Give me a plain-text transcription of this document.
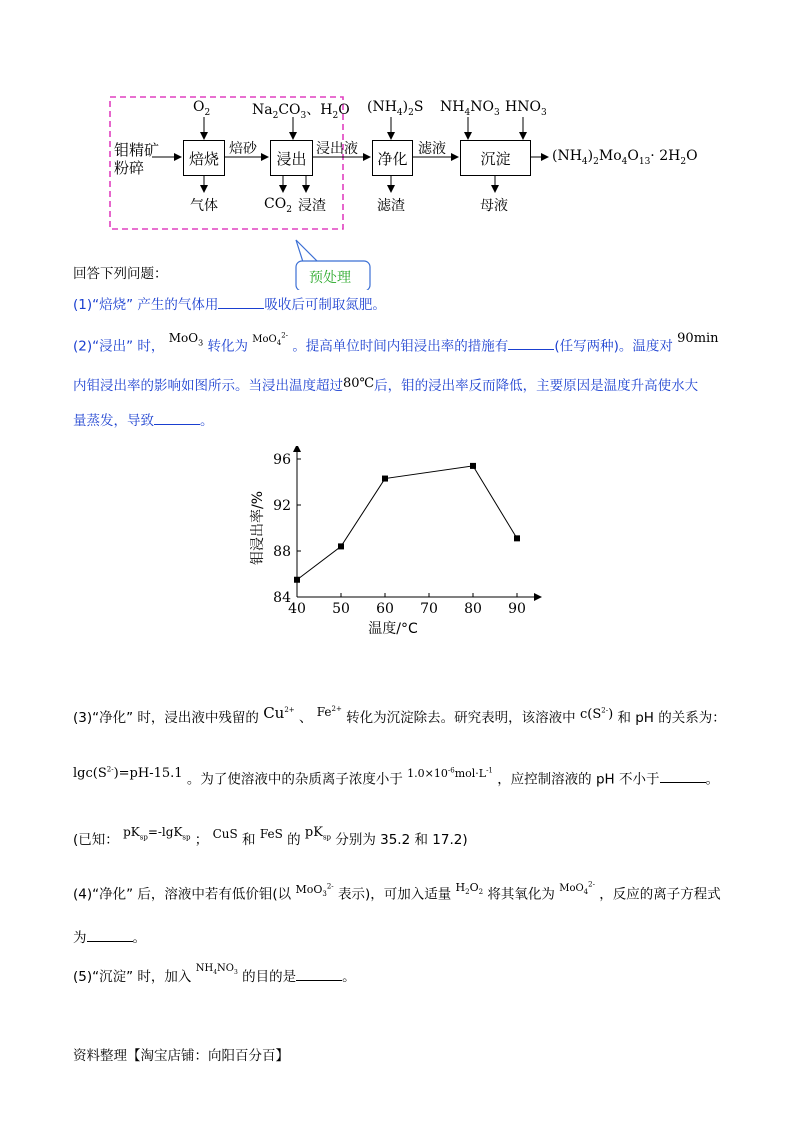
$O_2$	$Na_2CO_3$、$H_2O$ $(NH_4)_2S$ $NH_4NO_3$ $HNO_3$
钼精矿
粉碎
焙烧	浸出	净化	沉淀
焙砂	浸出液	滤液	$(NH_4)_2Mo_4O_{13}\cdot 2H_2O$
气体	$CO_2$ 浸渣	滤渣	母液
预处理
回答下列问题：
(1)“焙烧” 产生的气体用	吸收后可制取氮肥。
(2)“浸出” 时， MoO$_3$ 转化为 $^{MoO_4^{2-}}$ 。提高单位时间内钼浸出率的措施有	(任写两种)。温度对 90min
内钼浸出率的影响如图所示。当浸出温度超过80℃后，钼的浸出率反而降低，主要原因是温度升高使水大
量蒸发，导致	。
40 50 60 70 80 90
84
88
92
96
温度/°C
钼浸出率/%
(3)“净化” 时，浸出液中残留的 $Cu^{2+}$ 、 $Fe^{2+}$ 转化为沉淀除去。研究表明，该溶液中 $c(S^{2-})$ 和 pH 的关系为：
$\lg c(S^{2-})=pH-15.1$ 。为了使溶液中的杂质离子浓度小于 $^{1.0\times 10^{-6}mol\cdot L^{-1}}$ ，应控制溶液的 pH 不小于	。
(已知： $pK_{sp}=-\lg K_{sp}$ ； CuS 和 FeS 的 $pK_{sp}$ 分别为 35.2 和 17.2)
(4)“净化” 后，溶液中若有低价钼(以 $^{MoO_3^{2-}}$ 表示)，可加入适量 $^{H_2O_2}$ 将其氧化为 $^{MoO_4^{2-}}$ ，反应的离子方程式
为	。
(5)“沉淀” 时，加入 $^{NH_4NO_3}$ 的目的是	。
资料整理【淘宝店铺：向阳百分百】
